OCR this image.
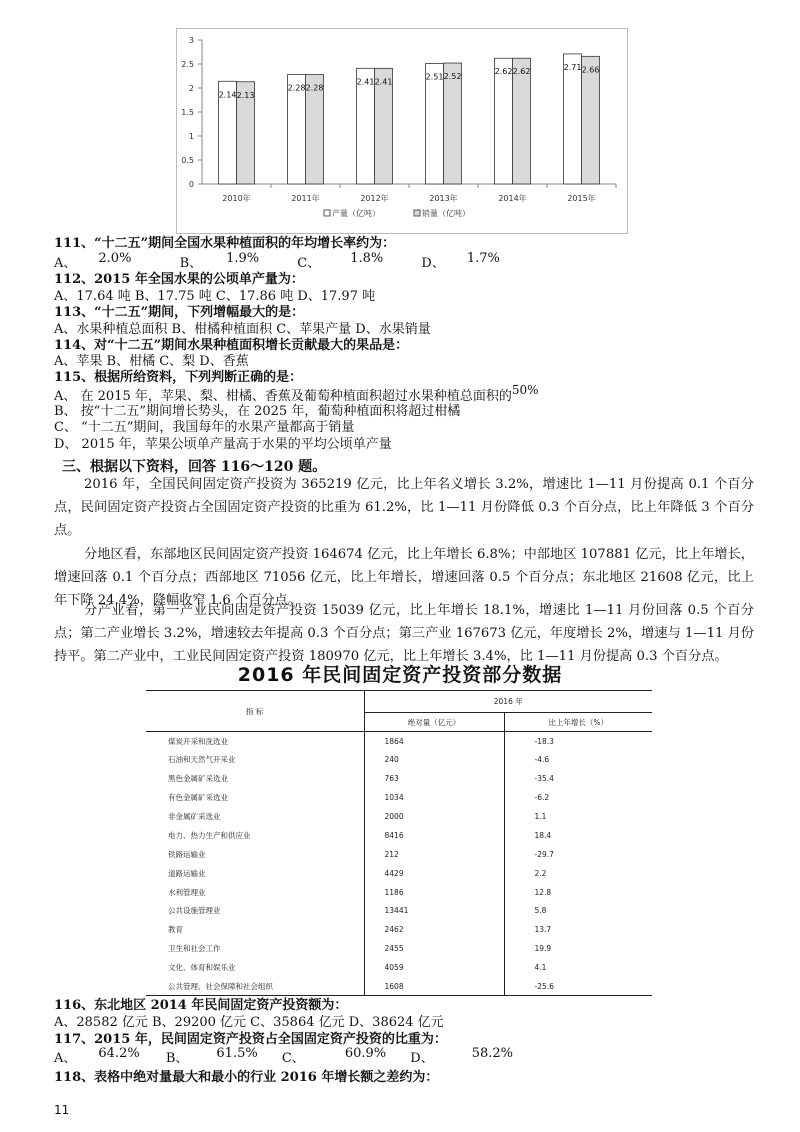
0
0.5
1
1.5
2
2.5
3
2.14 2.13
2010年
2.28 2.28
2011年
2.41 2.41
2012年
2.51 2.52
2013年
2.62 2.62
2014年
2.71 2.66
2015年
产量（亿吨）	销量（亿吨）
111、“十二五”期间全国水果种植面积的年均增长率约为：
A、 2.0%	B、 1.9%	C、 1.8%	D、 1.7%
112、2015 年全国水果的公顷单产量为：
A、17.64 吨 B、17.75 吨 C、17.86 吨 D、17.97 吨
113、“十二五”期间，下列增幅最大的是：
A、水果种植总面积 B、柑橘种植面积 C、苹果产量 D、水果销量
114、对“十二五”期间水果种植面积增长贡献最大的果品是：
A、苹果 B、柑橘 C、梨 D、香蕉
115、根据所给资料，下列判断正确的是：
A、 在 2015 年，苹果、梨、柑橘、香蕉及葡萄种植面积超过水果种植总面积的50%
B、 按“十二五”期间增长势头，在 2025 年，葡萄种植面积将超过柑橘
C、 “十二五”期间，我国每年的水果产量都高于销量
D、 2015 年，苹果公顷单产量高于水果的平均公顷单产量
三、根据以下资料，回答 116～120 题。
2016 年，全国民间固定资产投资为 365219 亿元，比上年名义增长 3.2%，增速比 1—11 月份提高 0.1 个百分点，民间固定资产投资占全国固定资产投资的比重为 61.2%，比 1—11 月份降低 0.3 个百分点，比上年降低 3 个百分点。
分地区看，东部地区民间固定资产投资 164674 亿元，比上年增长 6.8%；中部地区 107881 亿元，比上年增长，增速回落 0.1 个百分点；西部地区 71056 亿元，比上年增长，增速回落 0.5 个百分点；东北地区 21608 亿元，比上年下降 24.4%，降幅收窄 1.6 个百分点。
分产业看，第一产业民间固定资产投资 15039 亿元，比上年增长 18.1%，增速比 1—11 月份回落 0.5 个百分点；第二产业增长 3.2%，增速较去年提高 0.3 个百分点；第三产业 167673 亿元，年度增长 2%，增速与 1—11 月份持平。第二产业中，工业民间固定资产投资 180970 亿元，比上年增长 3.4%，比 1—11 月份提高 0.3 个百分点。
2016 年民间固定资产投资部分数据
指 标	2016 年	
	绝对量（亿元）	比上年增长（%）
煤炭开采和洗选业	1864	-18.3
石油和天然气开采业	240	-4.6
黑色金属矿采选业	763	-35.4
有色金属矿采选业	1034	-6.2
非金属矿采选业	2000	1.1
电力、热力生产和供应业	8416	18.4
铁路运输业	212	-29.7
道路运输业	4429	2.2
水利管理业	1186	12.8
公共设施管理业	13441	5.8
教育	2462	13.7
卫生和社会工作	2455	19.9
文化、体育和娱乐业	4059	4.1
公共管理、社会保障和社会组织	1608	-25.6
116、东北地区 2014 年民间固定资产投资额为：
A、28582 亿元 B、29200 亿元 C、35864 亿元 D、38624 亿元
117、2015 年，民间固定资产投资占全国固定资产投资的比重为：
A、 64.2% B、 61.5% C、	60.9% D、	58.2%
118、表格中绝对量最大和最小的行业 2016 年增长额之差约为：
11
